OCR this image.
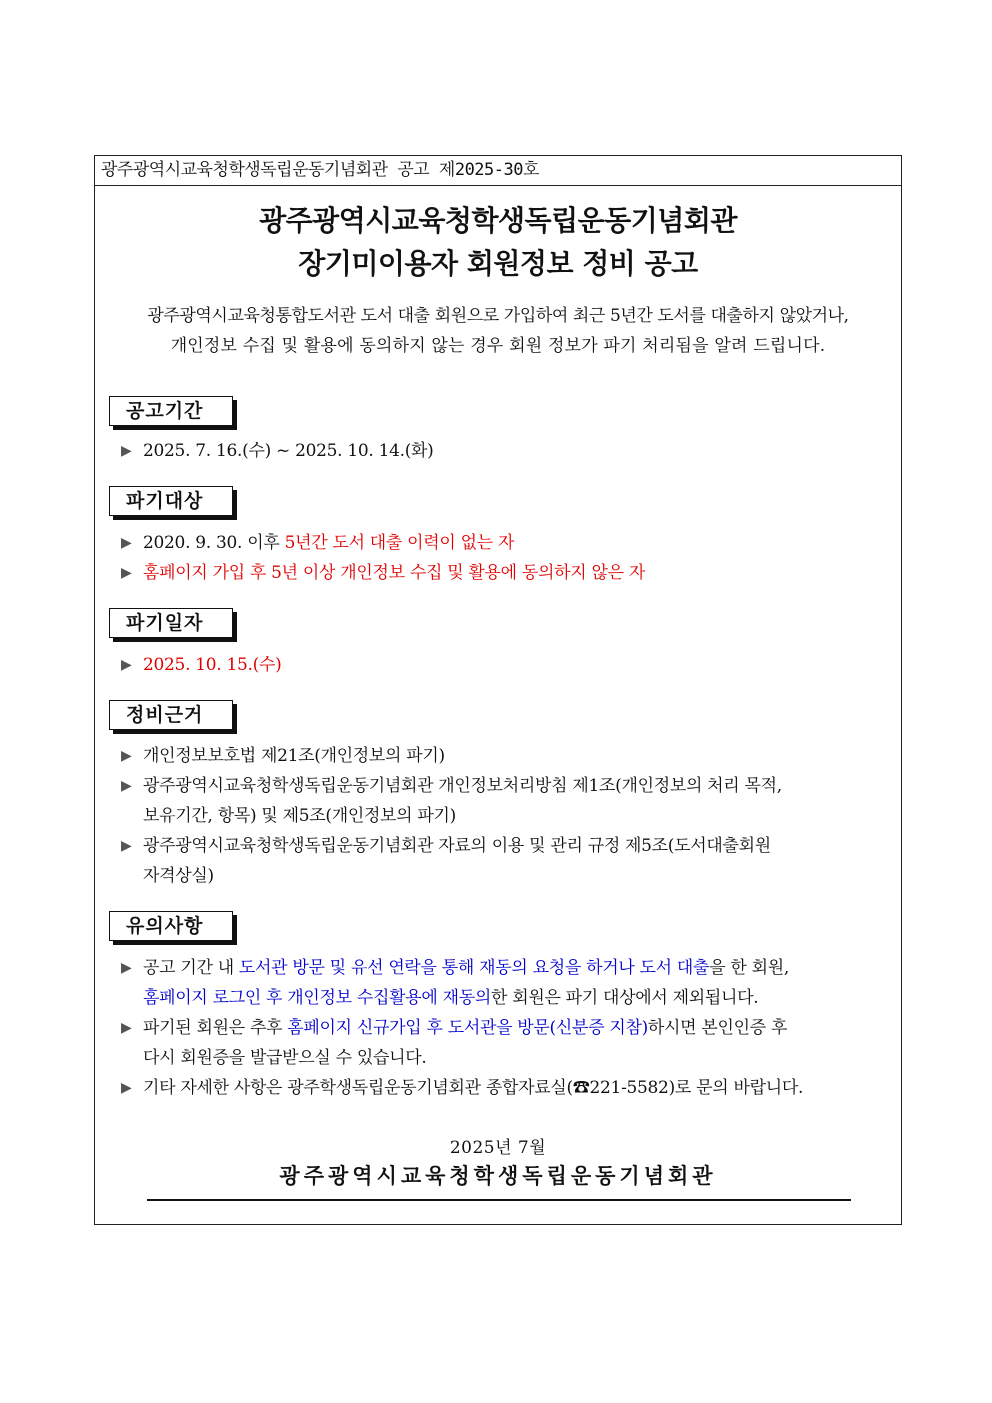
광주광역시교육청학생독립운동기념회관 공고 제2025-30호
광주광역시교육청학생독립운동기념회관
장기미이용자 회원정보 정비 공고
광주광역시교육청통합도서관 도서 대출 회원으로 가입하여 최근 5년간 도서를 대출하지 않았거나,
개인정보 수집 및 활용에 동의하지 않는 경우 회원 정보가 파기 처리됨을 알려 드립니다.
공고기간
▶ 2025. 7. 16.(수) ~ 2025. 10. 14.(화)
파기대상
▶ 2020. 9. 30. 이후 5년간 도서 대출 이력이 없는 자
▶ 홈페이지 가입 후 5년 이상 개인정보 수집 및 활용에 동의하지 않은 자
파기일자
▶ 2025. 10. 15.(수)
정비근거
▶ 개인정보보호법 제21조(개인정보의 파기)
▶ 광주광역시교육청학생독립운동기념회관 개인정보처리방침 제1조(개인정보의 처리 목적,
보유기간, 항목) 및 제5조(개인정보의 파기)
▶ 광주광역시교육청학생독립운동기념회관 자료의 이용 및 관리 규정 제5조(도서대출회원
자격상실)
유의사항
▶ 공고 기간 내 도서관 방문 및 유선 연락을 통해 재동의 요청을 하거나 도서 대출을 한 회원,
홈페이지 로그인 후 개인정보 수집활용에 재동의한 회원은 파기 대상에서 제외됩니다.
▶ 파기된 회원은 추후 홈페이지 신규가입 후 도서관을 방문(신분증 지참)하시면 본인인증 후
다시 회원증을 발급받으실 수 있습니다.
▶ 기타 자세한 사항은 광주학생독립운동기념회관 종합자료실(☎221-5582)로 문의 바랍니다.
2025년 7월
광주광역시교육청학생독립운동기념회관
